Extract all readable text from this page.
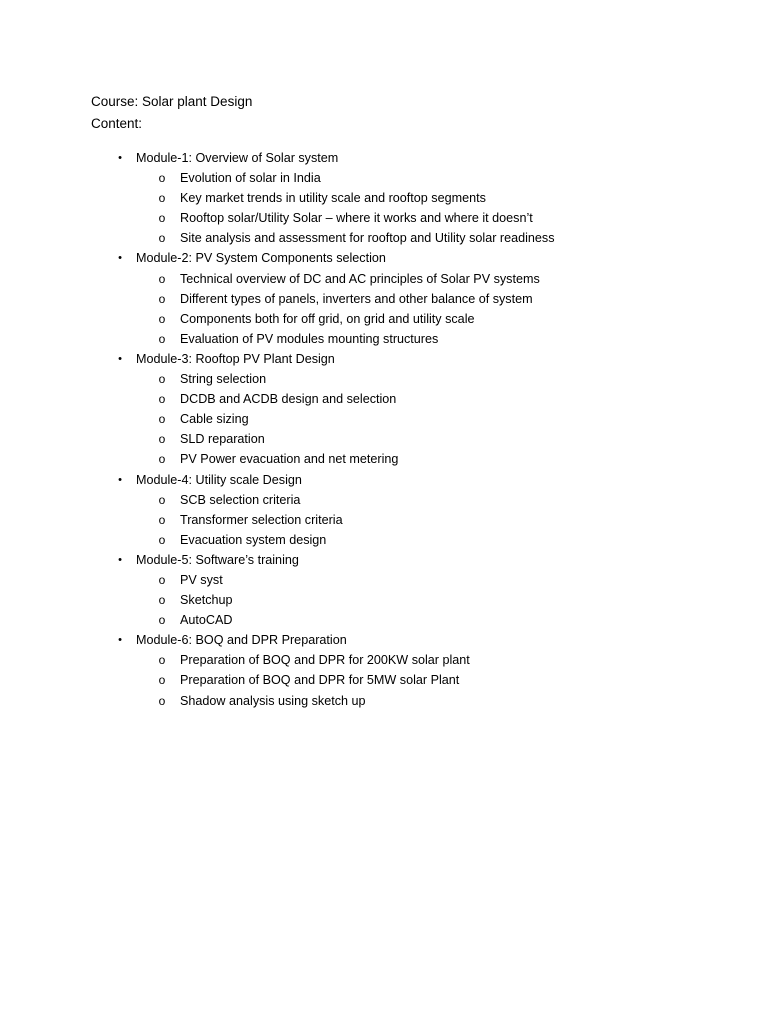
Course: Solar plant Design
Content:
•	Module-1: Overview of Solar system
o Evolution of solar in India
o Key market trends in utility scale and rooftop segments
o Rooftop solar/Utility Solar – where it works and where it doesn’t
o Site analysis and assessment for rooftop and Utility solar readiness
•	Module-2: PV System Components selection
o Technical overview of DC and AC principles of Solar PV systems
o Different types of panels, inverters and other balance of system
o Components both for off grid, on grid and utility scale
o Evaluation of PV modules mounting structures
•	Module-3: Rooftop PV Plant Design
o String selection
o DCDB and ACDB design and selection
o Cable sizing
o SLD reparation
o PV Power evacuation and net metering
•	Module-4: Utility scale Design
o SCB selection criteria
o Transformer selection criteria
o Evacuation system design
•	Module-5: Software’s training
o PV syst
o Sketchup
o AutoCAD
•	Module-6: BOQ and DPR Preparation
o Preparation of BOQ and DPR for 200KW solar plant
o Preparation of BOQ and DPR for 5MW solar Plant
o Shadow analysis using sketch up
